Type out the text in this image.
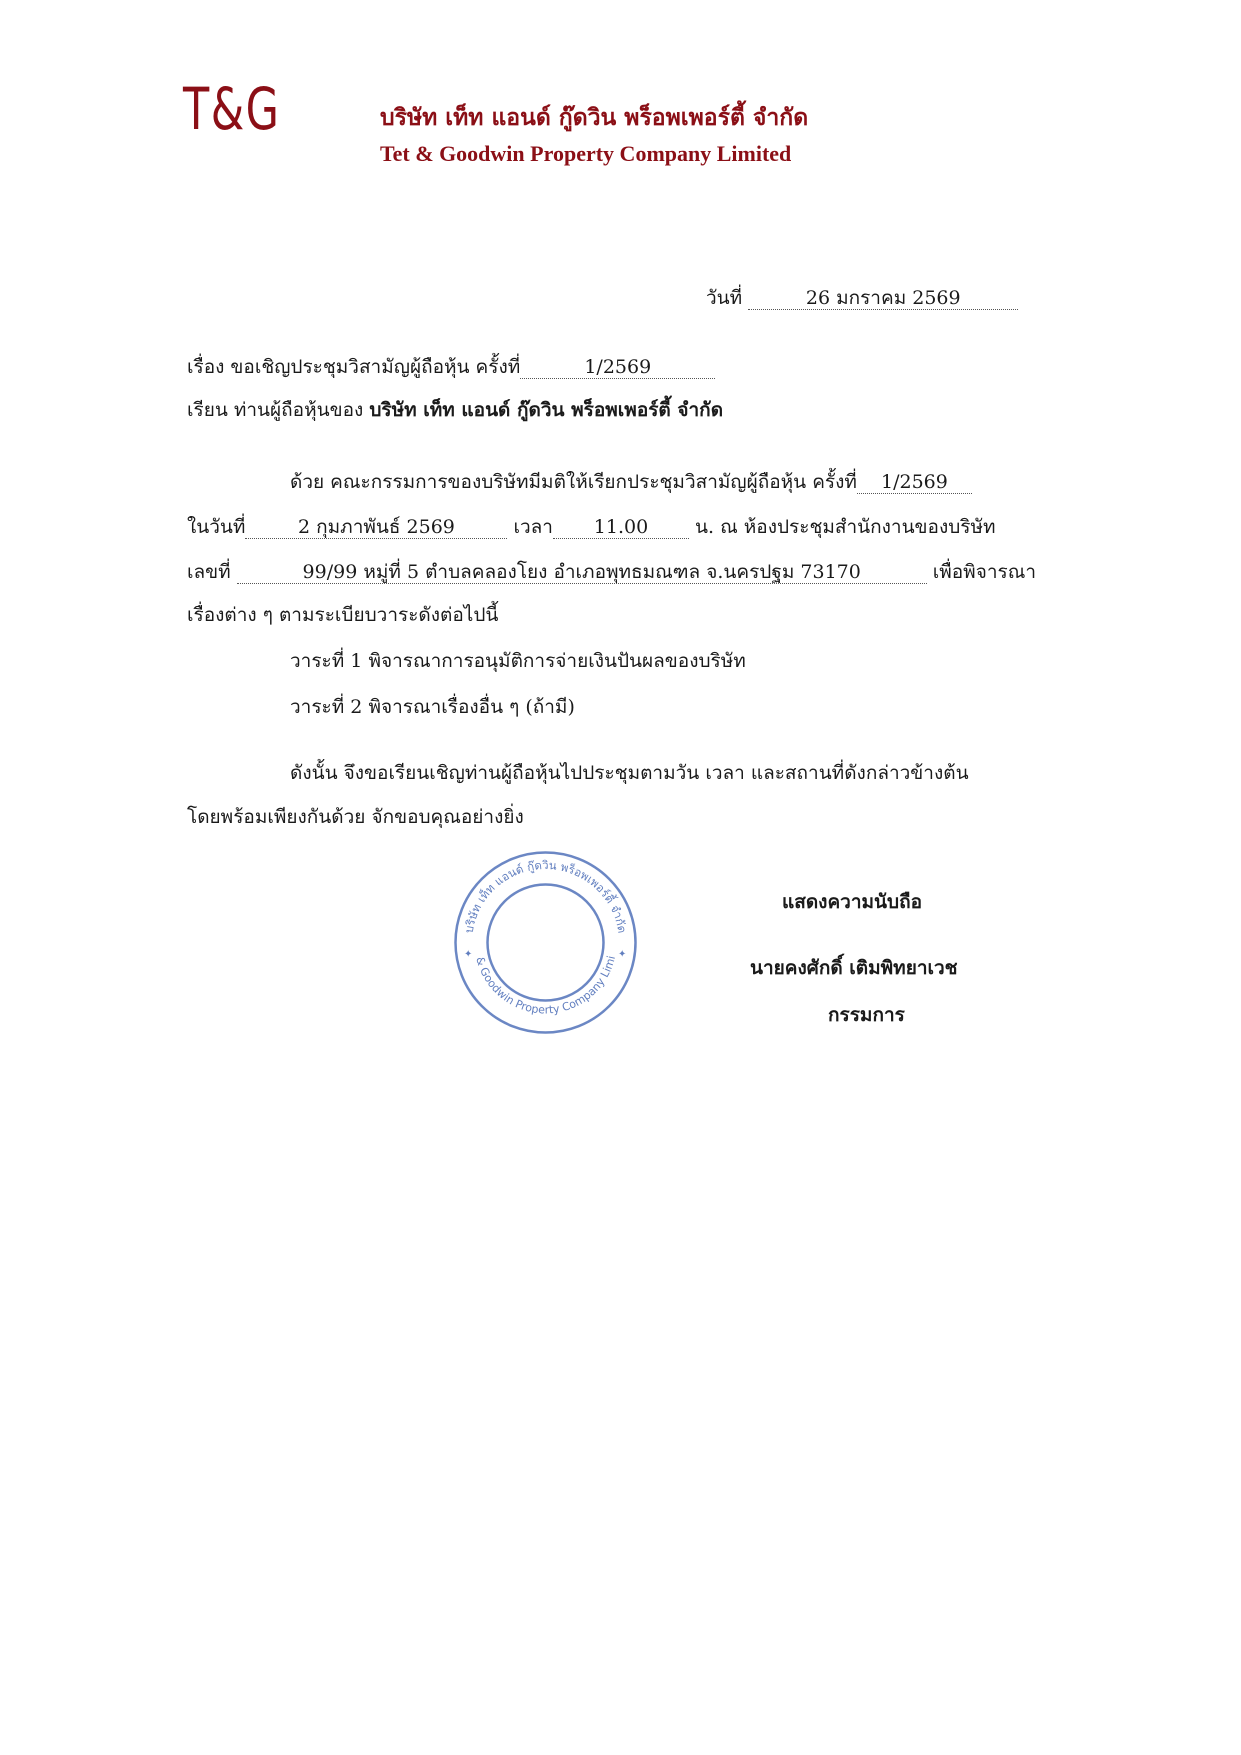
T&G	บริษัท เท็ท แอนด์ กู๊ดวิน พร็อพเพอร์ตี้ จำกัด
Tet & Goodwin Property Company Limited
วันที่	26 มกราคม 2569
เรื่อง ขอเชิญประชุมวิสามัญผู้ถือหุ้น ครั้งที่	1/2569
เรียน ท่านผู้ถือหุ้นของ บริษัท เท็ท แอนด์ กู๊ดวิน พร็อพเพอร์ตี้ จำกัด
ด้วย คณะกรรมการของบริษัทมีมติให้เรียกประชุมวิสามัญผู้ถือหุ้น ครั้งที่ 1/2569
ในวันที่	2 กุมภาพันธ์ 2569	เวลา 11.00 น. ณ ห้องประชุมสำนักงานของบริษัท
เลขที่	99/99 หมู่ที่ 5 ตำบลคลองโยง อำเภอพุทธมณฑล จ.นครปฐม 73170	เพื่อพิจารณา
เรื่องต่าง ๆ ตามระเบียบวาระดังต่อไปนี้
วาระที่ 1 พิจารณาการอนุมัติการจ่ายเงินปันผลของบริษัท
วาระที่ 2 พิจารณาเรื่องอื่น ๆ (ถ้ามี)
ดังนั้น จึงขอเรียนเชิญท่านผู้ถือหุ้นไปประชุมตามวัน เวลา และสถานที่ดังกล่าวข้างต้น
โดยพร้อมเพียงกันด้วย จักขอบคุณอย่างยิ่ง
บริษัท เท็ท แอนด์ กู๊ดวิน พร็อพเพอร์ตี้ จำกัด
& Goodwin Property Company Limi
✦	✦
แสดงความนับถือ
นายคงศักดิ์ เติมพิทยาเวช
กรรมการ
